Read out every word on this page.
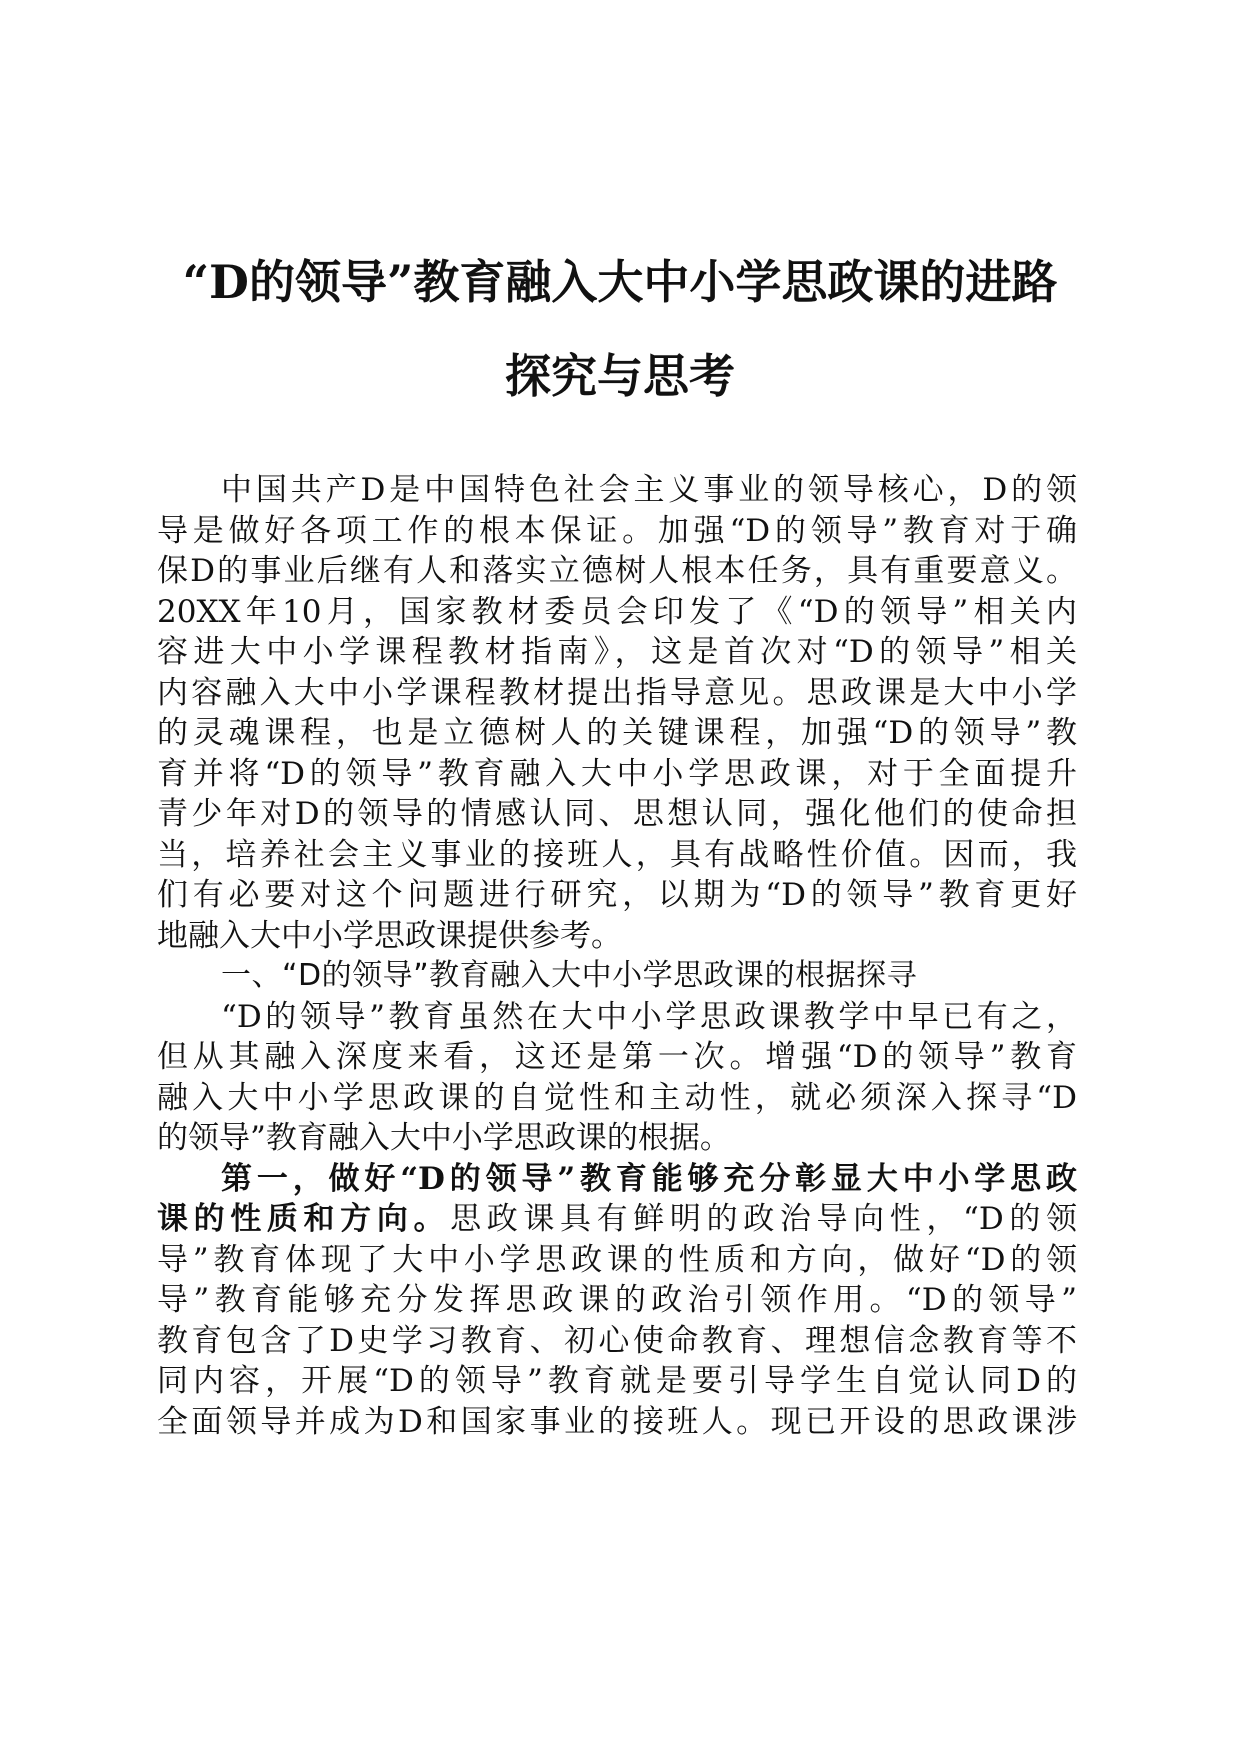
“D的领导”教育融入大中小学思政课的进路
探究与思考
中国共产D是中国特色社会主义事业的领导核心，D的领
导是做好各项工作的根本保证。加强“D的领导”教育对于确
保D的事业后继有人和落实立德树人根本任务，具有重要意义。
20XX年10月，国家教材委员会印发了《“D的领导”相关内
容进大中小学课程教材指南》，这是首次对“D的领导”相关
内容融入大中小学课程教材提出指导意见。思政课是大中小学
的灵魂课程，也是立德树人的关键课程，加强“D的领导”教
育并将“D的领导”教育融入大中小学思政课，对于全面提升
青少年对D的领导的情感认同、思想认同，强化他们的使命担
当，培养社会主义事业的接班人，具有战略性价值。因而，我
们有必要对这个问题进行研究，以期为“D的领导”教育更好
地融入大中小学思政课提供参考。
一、“D的领导”教育融入大中小学思政课的根据探寻
“D的领导”教育虽然在大中小学思政课教学中早已有之，
但从其融入深度来看，这还是第一次。增强“D的领导”教育
融入大中小学思政课的自觉性和主动性，就必须深入探寻“D
的领导”教育融入大中小学思政课的根据。
第一，做好“D的领导”教育能够充分彰显大中小学思政
课的性质和方向。思政课具有鲜明的政治导向性，“D的领
导”教育体现了大中小学思政课的性质和方向，做好“D的领
导”教育能够充分发挥思政课的政治引领作用。“D的领导”
教育包含了D史学习教育、初心使命教育、理想信念教育等不
同内容，开展“D的领导”教育就是要引导学生自觉认同D的
全面领导并成为D和国家事业的接班人。现已开设的思政课涉
